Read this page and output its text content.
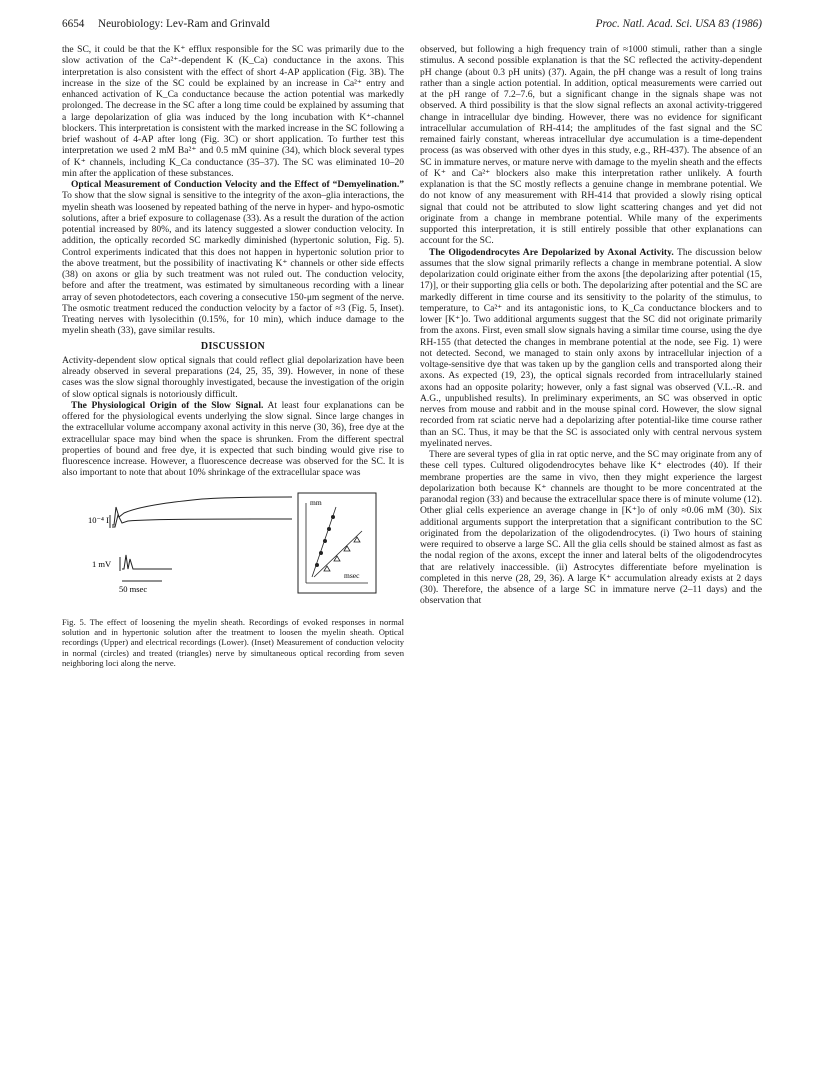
6654 Neurobiology: Lev-Ram and Grinvald	Proc. Natl. Acad. Sci. USA 83 (1986)

the SC, it could be that the K⁺ efflux responsible for the SC was primarily due to the slow activation of the Ca²⁺-dependent K (K_Ca) conductance in the axons. This interpretation is also consistent with the effect of short 4-AP application (Fig. 3B). The increase in the size of the SC could be explained by an increase in Ca²⁺ entry and enhanced activation of K_Ca conductance because the action potential was markedly prolonged. The decrease in the SC after a long time could be explained by assuming that a large depolarization of glia was induced by the long incubation with K⁺-channel blockers. This interpretation is consistent with the marked increase in the SC following a brief washout of 4-AP after long (Fig. 3C) or short application. To further test this interpretation we used 2 mM Ba²⁺ and 0.5 mM quinine (34), which block several types of K⁺ channels, including K_Ca conductance (35–37). The SC was eliminated 10–20 min after the application of these substances.

Optical Measurement of Conduction Velocity and the Effect of “Demyelination.” To show that the slow signal is sensitive to the integrity of the axon–glia interactions, the myelin sheath was loosened by repeated bathing of the nerve in hyper- and hypo-osmotic solutions, after a brief exposure to collagenase (33). As a result the duration of the action potential increased by 80%, and its latency suggested a slower conduction velocity. In addition, the optically recorded SC markedly diminished (hypertonic solution, Fig. 5). Control experiments indicated that this does not happen in hypertonic solution prior to the above treatment, but the possibility of inactivating K⁺ channels or other side effects (38) on axons or glia by such treatment was not ruled out. The conduction velocity, before and after the treatment, was estimated by simultaneous recording with a linear array of seven photodetectors, each covering a consecutive 150-μm segment of the nerve. The osmotic treatment reduced the conduction velocity by a factor of ≈3 (Fig. 5, Inset). Treating nerves with lysolecithin (0.15%, for 10 min), which induce damage to the myelin sheath (33), gave similar results.

DISCUSSION

Activity-dependent slow optical signals that could reflect glial depolarization have been already observed in several preparations (24, 25, 35, 39). However, in none of these cases was the slow signal thoroughly investigated, because the investigation of the origin of slow optical signals is notoriously difficult.

The Physiological Origin of the Slow Signal. At least four explanations can be offered for the physiological events underlying the slow signal. Since large changes in the extracellular volume accompany axonal activity in this nerve (30, 36), free dye at the extracellular space may bind when the space is shrunken. From the different spectral properties of bound and free dye, it is expected that such binding would give rise to fluorescence increase. However, a fluorescence decrease was observed for the SC. It is also important to note that about 10% shrinkage of the extracellular space was

10⁻⁴ I
1 mV
50 msec
mm
msec

Fig. 5. The effect of loosening the myelin sheath. Recordings of evoked responses in normal solution and in hypertonic solution after the treatment to loosen the myelin sheath. Optical recordings (Upper) and electrical recordings (Lower). (Inset) Measurement of conduction velocity in normal (circles) and treated (triangles) nerve by simultaneous optical recording from seven neighboring loci along the nerve.

observed, but following a high frequency train of ≈1000 stimuli, rather than a single stimulus. A second possible explanation is that the SC reflected the activity-dependent pH change (about 0.3 pH units) (37). Again, the pH change was a result of long trains rather than a single action potential. In addition, optical measurements were carried out at the pH range of 7.2–7.6, but a significant change in the signals shape was not observed. A third possibility is that the slow signal reflects an axonal activity-triggered change in intracellular dye binding. However, there was no evidence for significant intracellular accumulation of RH-414; the amplitudes of the fast signal and the SC remained fairly constant, whereas intracellular dye accumulation is a time-dependent process (as was observed with other dyes in this study, e.g., RH-437). The absence of an SC in immature nerves, or mature nerve with damage to the myelin sheath and the effects of K⁺ and Ca²⁺ blockers also make this interpretation rather unlikely. A fourth explanation is that the SC mostly reflects a genuine change in membrane potential. We do not know of any measurement with RH-414 that provided a slowly rising optical signal that could not be attributed to slow light scattering changes and yet did not originate from a change in membrane potential. While many of the experiments supported this interpretation, it is still entirely possible that other explanations can account for the SC.

The Oligodendrocytes Are Depolarized by Axonal Activity. The discussion below assumes that the slow signal primarily reflects a change in membrane potential. A slow depolarization could originate either from the axons [the depolarizing after potential (15, 17)], or their supporting glia cells or both. The depolarizing after potential and the SC are markedly different in time course and its sensitivity to the polarity of the stimulus, to temperature, to Ca²⁺ and its antagonistic ions, to K_Ca conductance blockers and to lower [K⁺]o. Two additional arguments suggest that the SC did not originate primarily from the axons. First, even small slow signals having a similar time course, using the dye RH-155 (that detected the changes in membrane potential at the node, see Fig. 1) were not detected. Second, we managed to stain only axons by intracellular injection of a voltage-sensitive dye that was taken up by the ganglion cells and transported along their axons. As expected (19, 23), the optical signals recorded from intracellularly stained axons had an opposite polarity; however, only a fast signal was observed (V.L.-R. and A.G., unpublished results). In preliminary experiments, an SC was observed in optic nerves from mouse and rabbit and in the mouse spinal cord. However, the slow signal recorded from rat sciatic nerve had a depolarizing after potential-like time course rather than an SC. Thus, it may be that the SC is associated only with central nervous system myelinated nerves.

There are several types of glia in rat optic nerve, and the SC may originate from any of these cell types. Cultured oligodendrocytes behave like K⁺ electrodes (40). If their membrane properties are the same in vivo, then they might experience the largest depolarization both because K⁺ channels are thought to be more concentrated at the paranodal region (33) and because the extracellular space there is of minute volume (12). Other glial cells experience an average change in [K⁺]o of only ≈0.06 mM (30). Six additional arguments support the interpretation that a significant contribution to the SC originated from the depolarization of the oligodendrocytes. (i) Two hours of staining were required to observe a large SC. All the glia cells should be stained almost as fast as the nodal region of the axons, except the inner and lateral belts of the oligodendrocytes that are relatively inaccessible. (ii) Astrocytes differentiate before myelination is completed in this nerve (28, 29, 36). A large K⁺ accumulation already exists at 2 days (30). Therefore, the absence of a large SC in immature nerve (2–11 days) and the observation that
